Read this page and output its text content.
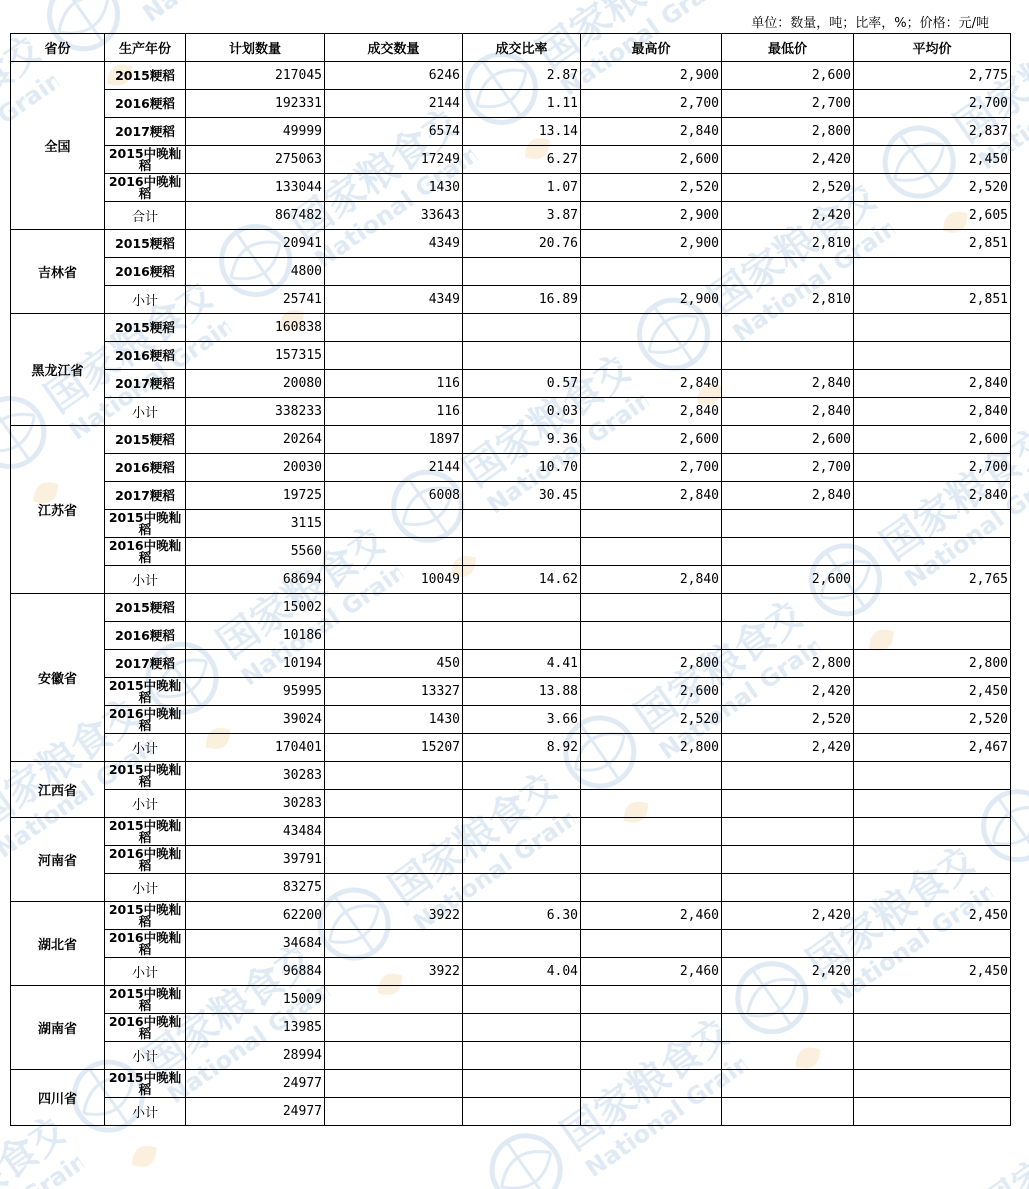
单位：数量，吨；比率，%；价格：元/吨
省份	生产年份	计划数量	成交数量	成交比率	最高价	最低价	平均价
全国	2015粳稻	217045	6246	2.87	2,900	2,600	2,775
	2016粳稻	192331	2144	1.11	2,700	2,700	2,700
	2017粳稻	49999	6574	13.14	2,840	2,800	2,837
	2015中晚籼稻	275063	17249	6.27	2,600	2,420	2,450
	2016中晚籼稻	133044	1430	1.07	2,520	2,520	2,520
	合计	867482	33643	3.87	2,900	2,420	2,605
吉林省	2015粳稻	20941	4349	20.76	2,900	2,810	2,851
	2016粳稻	4800					
	小计	25741	4349	16.89	2,900	2,810	2,851
黑龙江省	2015粳稻	160838					
	2016粳稻	157315					
	2017粳稻	20080	116	0.57	2,840	2,840	2,840
	小计	338233	116	0.03	2,840	2,840	2,840
江苏省	2015粳稻	20264	1897	9.36	2,600	2,600	2,600
	2016粳稻	20030	2144	10.70	2,700	2,700	2,700
	2017粳稻	19725	6008	30.45	2,840	2,840	2,840
	2015中晚籼稻	3115					
	2016中晚籼稻	5560					
	小计	68694	10049	14.62	2,840	2,600	2,765
安徽省	2015粳稻	15002					
	2016粳稻	10186					
	2017粳稻	10194	450	4.41	2,800	2,800	2,800
	2015中晚籼稻	95995	13327	13.88	2,600	2,420	2,450
	2016中晚籼稻	39024	1430	3.66	2,520	2,520	2,520
	小计	170401	15207	8.92	2,800	2,420	2,467
江西省	2015中晚籼稻	30283					
	小计	30283					
河南省	2015中晚籼稻	43484					
	2016中晚籼稻	39791					
	小计	83275					
湖北省	2015中晚籼稻	62200	3922	6.30	2,460	2,420	2,450
	2016中晚籼稻	34684					
	小计	96884	3922	4.04	2,460	2,420	2,450
湖南省	2015中晚籼稻	15009					
	2016中晚籼稻	13985					
	小计	28994					
四川省	2015中晚籼稻	24977					
	小计	24977					
